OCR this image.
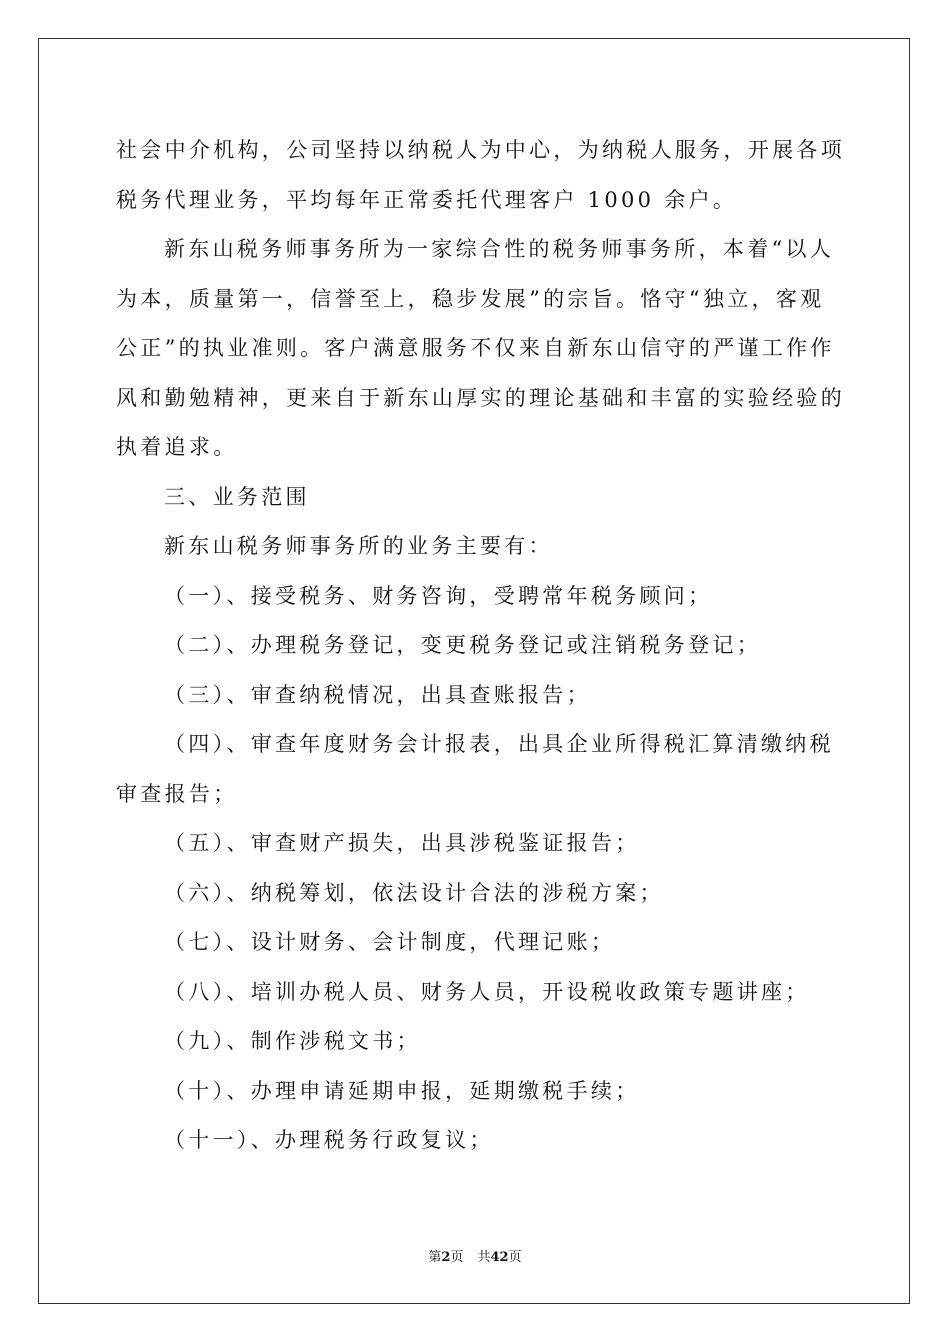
社会中介机构，公司坚持以纳税人为中心，为纳税人服务，开展各项
税务代理业务，平均每年正常委托代理客户 1000 余户。
新东山税务师事务所为一家综合性的税务师事务所，本着“以人
为本，质量第一，信誉至上，稳步发展”的宗旨。恪守“独立，客观
公正”的执业准则。客户满意服务不仅来自新东山信守的严谨工作作
风和勤勉精神，更来自于新东山厚实的理论基础和丰富的实验经验的
执着追求。
三、业务范围
新东山税务师事务所的业务主要有：
（一）、接受税务、财务咨询，受聘常年税务顾问；
（二）、办理税务登记，变更税务登记或注销税务登记；
（三）、审查纳税情况，出具查账报告；
（四）、审查年度财务会计报表，出具企业所得税汇算清缴纳税
审查报告；
（五）、审查财产损失，出具涉税鉴证报告；
（六）、纳税筹划，依法设计合法的涉税方案；
（七）、设计财务、会计制度，代理记账；
（八）、培训办税人员、财务人员，开设税收政策专题讲座；
（九）、制作涉税文书；
（十）、办理申请延期申报，延期缴税手续；
（十一）、办理税务行政复议；
第2页 共42页
